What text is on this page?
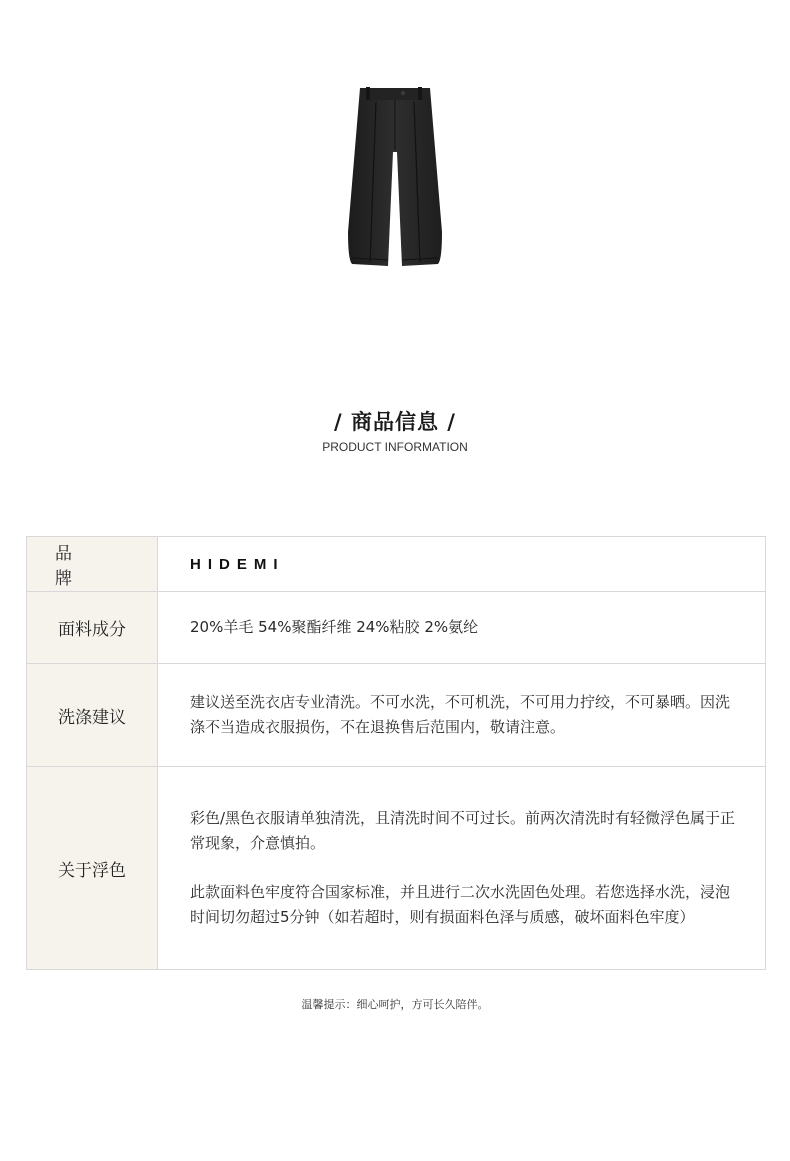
/ 商品信息 /
PRODUCT INFORMATION
品 牌
HIDEMI
面料成分	20%羊毛 54%聚酯纤维 24%粘胶 2%氨纶
洗涤建议
建议送至洗衣店专业清洗。不可水洗，不可机洗，不可用力拧绞，不可暴晒。因洗涤不当造成衣服损伤，不在退换售后范围内，敬请注意。
关于浮色
彩色/黑色衣服请单独清洗，且清洗时间不可过长。前两次清洗时有轻微浮色属于正常现象，介意慎拍。
此款面料色牢度符合国家标准，并且进行二次水洗固色处理。若您选择水洗，浸泡时间切勿超过5分钟（如若超时，则有损面料色泽与质感，破坏面料色牢度）
温馨提示：细心呵护，方可长久陪伴。
